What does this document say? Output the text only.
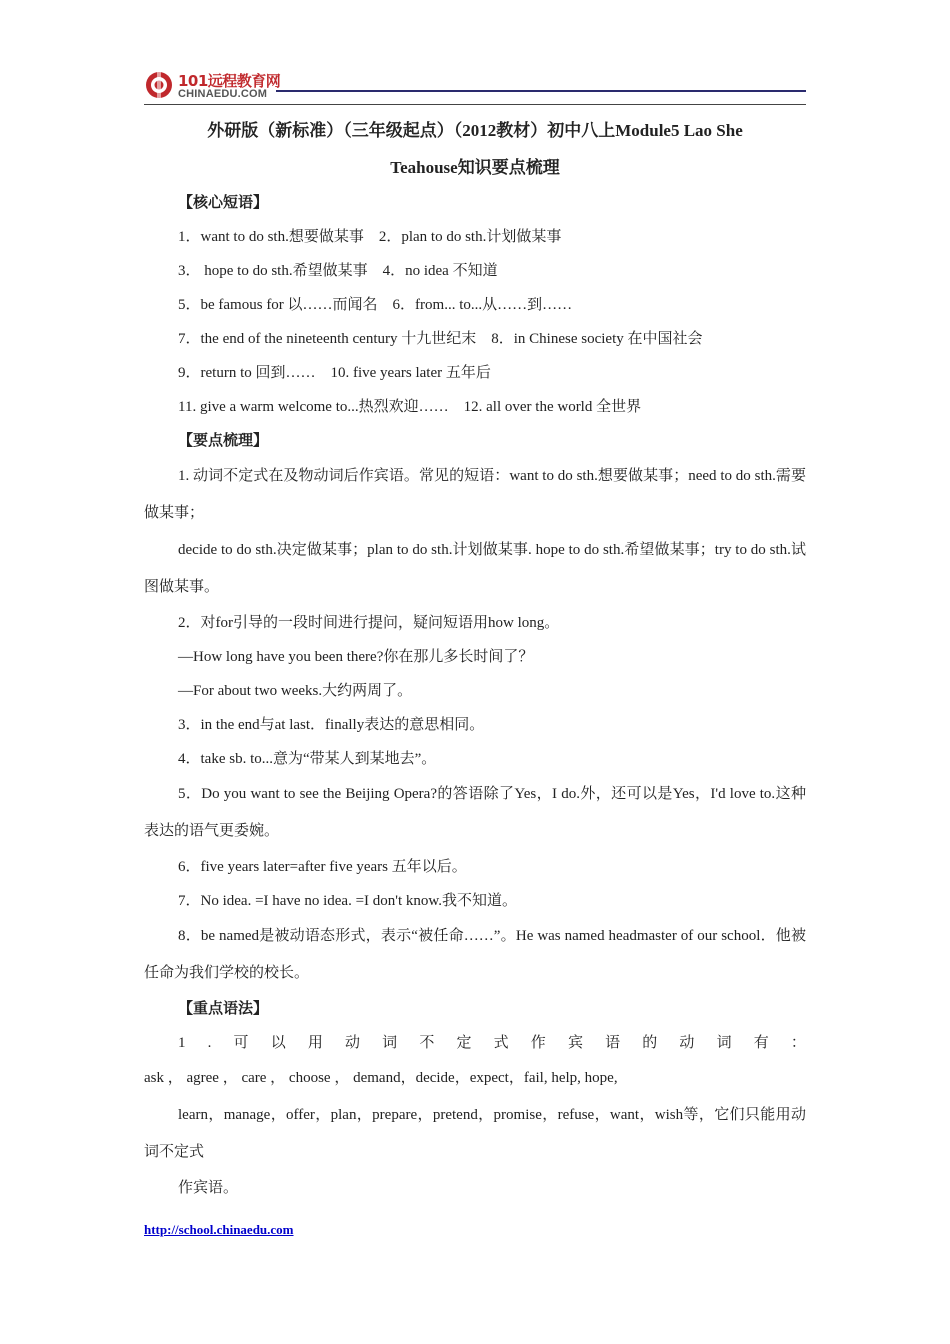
101远程教育网
CHINAEDU.COM

外研版（新标准）（三年级起点）（2012教材）初中八上Module5 Lao She

Teahouse知识要点梳理

【核心短语】
1．want to do sth.想要做某事　2．plan to do sth.计划做某事
3． hope to do sth.希望做某事　4．no idea 不知道
5．be famous for 以……而闻名　6．from... to...从……到……
7．the end of the nineteenth century 十九世纪末　8．in Chinese society 在中国社会
9．return to 回到……　10. five years later 五年后
11. give a warm welcome to...热烈欢迎……　12. all over the world 全世界
【要点梳理】
1. 动词不定式在及物动词后作宾语。常见的短语：want to do sth.想要做某事；need to do sth.需要做某事；
decide to do sth.决定做某事；plan to do sth.计划做某事. hope to do sth.希望做某事；try to do sth.试图做某事。
2．对for引导的一段时间进行提问，疑问短语用how long。
—How long have you been there?你在那儿多长时间了？
—For about two weeks.大约两周了。
3．in the end与at last．finally表达的意思相同。
4．take sb. to...意为“带某人到某地去”。
5．Do you want to see the Beijing Opera?的答语除了Yes，I do.外，还可以是Yes，I'd love to.这种表达的语气更委婉。
6．five years later=after five years 五年以后。
7．No idea. =I have no idea. =I don't know.我不知道。
8．be named是被动语态形式，表示“被任命……”。He was named headmaster of our school．他被任命为我们学校的校长。
【重点语法】
1 . 可 以 用 动 词 不 定 式 作 宾 语 的 动 词 有 ：
ask ， agree ， care ， choose ， demand，decide，expect，fail, help, hope,
learn，manage，offer，plan，prepare，pretend，promise，refuse，want，wish等，它们只能用动词不定式
作宾语。
http://school.chinaedu.com
